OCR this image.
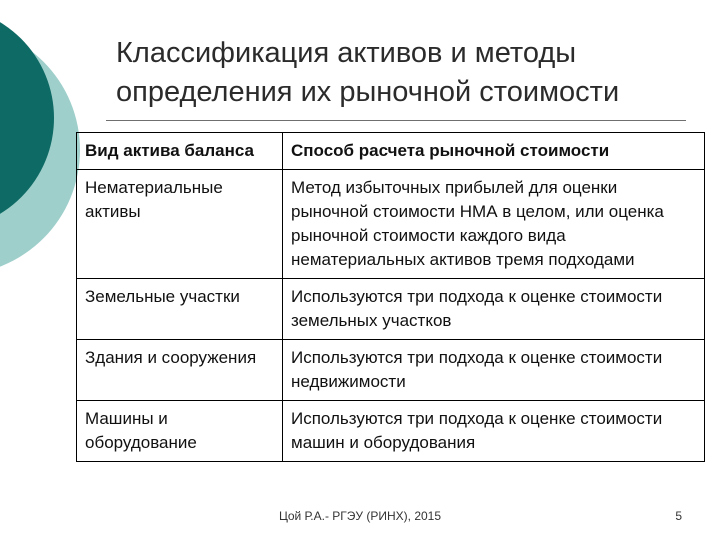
Классификация активов и методы определения их рыночной стоимости
Вид актива баланса	Способ расчета рыночной стоимости
Нематериальные активы	Метод избыточных прибылей для оценки рыночной стоимости НМА в целом, или оценка рыночной стоимости каждого вида нематериальных активов тремя подходами
Земельные участки	Используются три подхода к оценке стоимости земельных участков
Здания и сооружения	Используются три подхода к оценке стоимости недвижимости
Машины и оборудование	Используются три подхода к оценке стоимости машин и оборудования
Цой Р.А.- РГЭУ (РИНХ), 2015	5
